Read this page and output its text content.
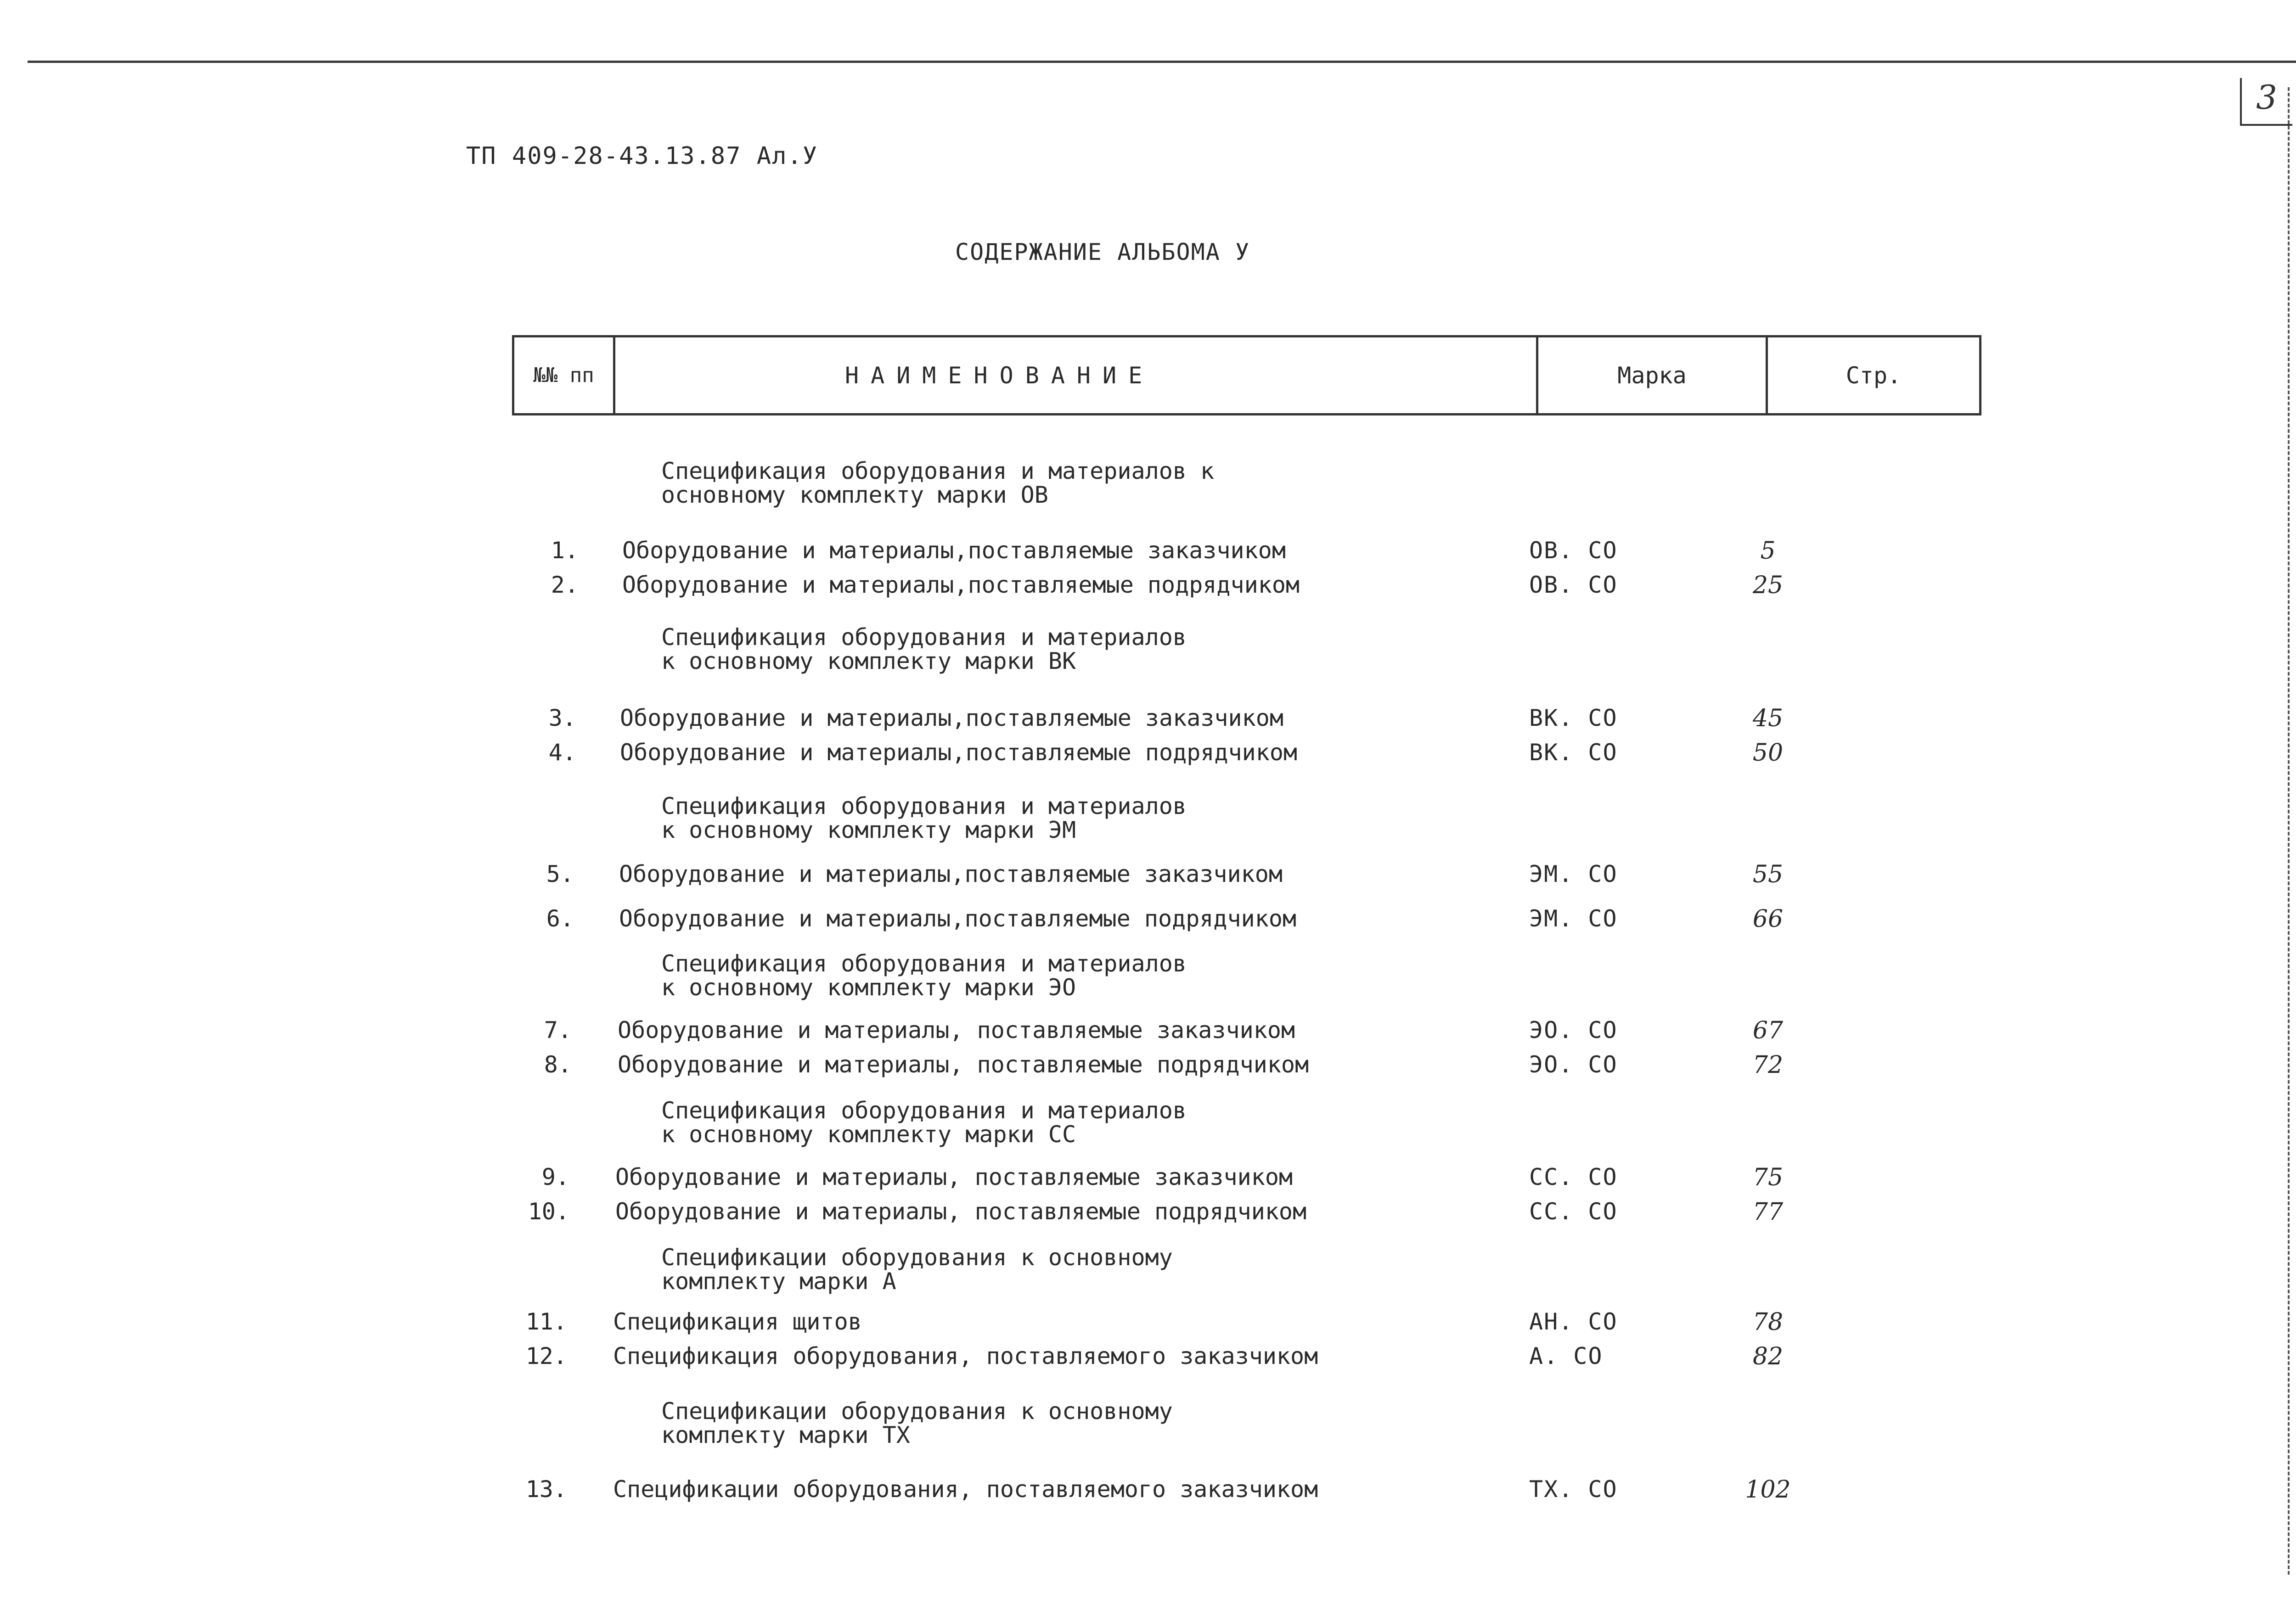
3
ТП 409-28-43.13.87 Ал.У
СОДЕРЖАНИЕ АЛЬБОМА У
№№ пп	НАИМЕНОВАНИЕ	Марка	Стр.
Спецификация оборудования и материалов к
основному комплекту марки ОВ
Спецификация оборудования и материалов
к основному комплекту марки ВК
Спецификация оборудования и материалов
к основному комплекту марки ЭМ
Спецификация оборудования и материалов
к основному комплекту марки ЭО
Спецификация оборудования и материалов
к основному комплекту марки СС
Спецификации оборудования к основному
комплекту марки А
Спецификации оборудования к основному
комплекту марки ТХ
1. Оборудование и материалы,поставляемые заказчиком	ОВ. СО	5
2. Оборудование и материалы,поставляемые подрядчиком	ОВ. СО	25
3. Оборудование и материалы,поставляемые заказчиком	ВК. СО	45
4. Оборудование и материалы,поставляемые подрядчиком	ВК. СО	50
5. Оборудование и материалы,поставляемые заказчиком	ЭМ. СО	55
6. Оборудование и материалы,поставляемые подрядчиком	ЭМ. СО	66
7. Оборудование и материалы, поставляемые заказчиком	ЭО. СО	67
8. Оборудование и материалы, поставляемые подрядчиком	ЭО. СО	72
9. Оборудование и материалы, поставляемые заказчиком	СС. СО	75
10. Оборудование и материалы, поставляемые подрядчиком	СС. СО	77
11. Спецификация щитов	АН. СО	78
12. Спецификация оборудования, поставляемого заказчиком	А. СО	82
13. Спецификации оборудования, поставляемого заказчиком	ТХ. СО	102
